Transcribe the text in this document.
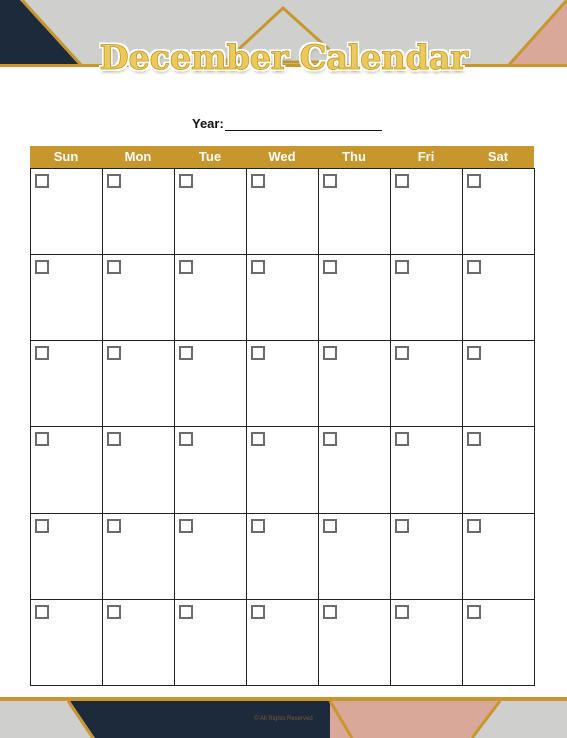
December Calendar
Year:
Sun	Mon	Tue	Wed	Thu	Fri	Sat
© All Rights Reserved
